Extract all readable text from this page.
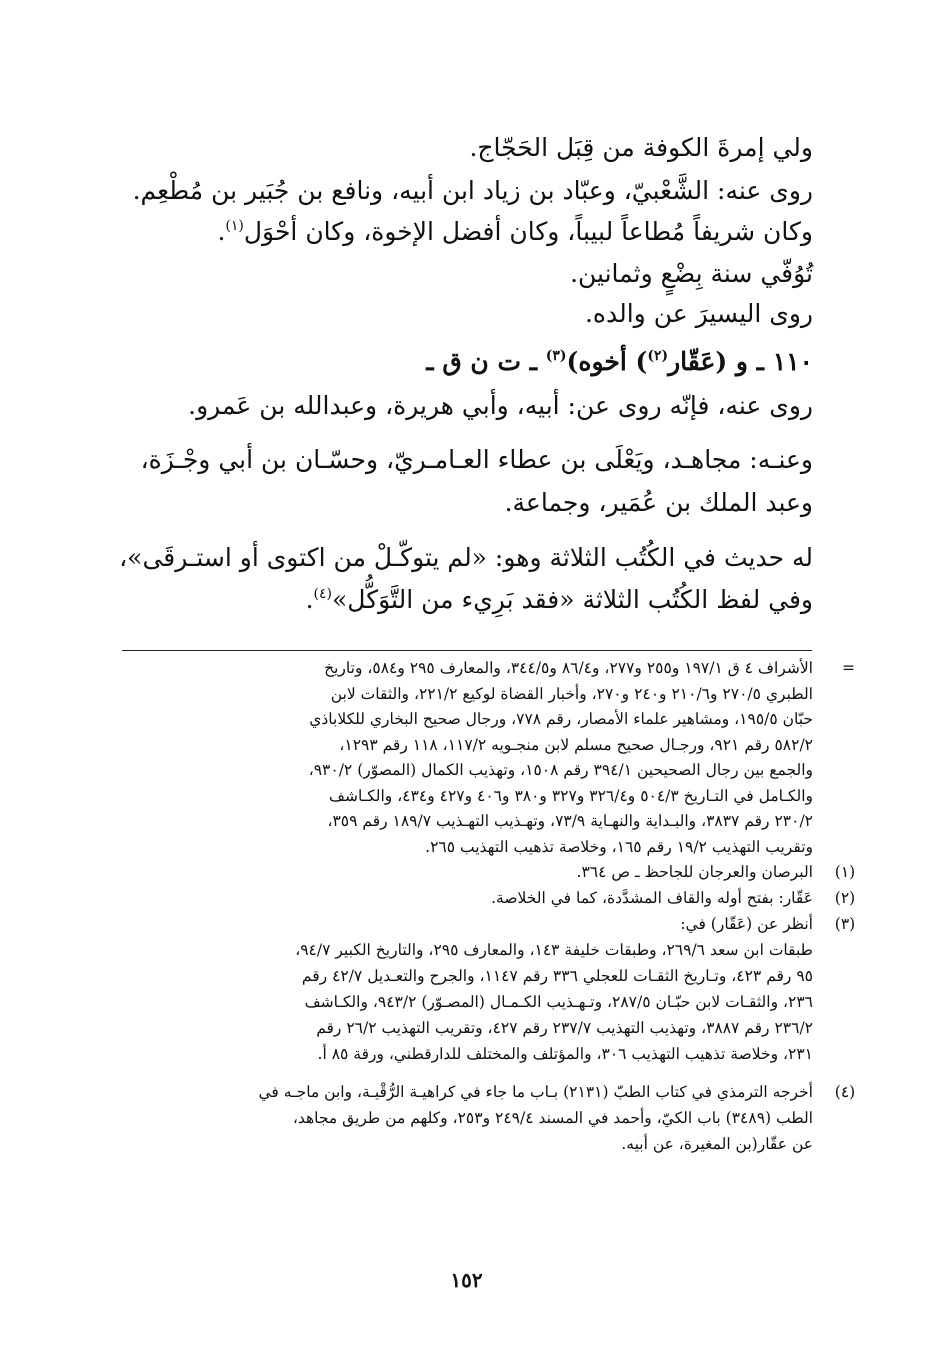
ولي إمرةَ الكوفة من قِبَل الحَجّاج.
روى عنه: الشَّعْبيّ، وعبّاد بن زياد ابن أبيه، ونافع بن جُبَير بن مُطْعِم.
وكان شريفاً مُطاعاً لبيباً، وكان أفضل الإخوة، وكان أحْوَل$^{(١)}$.
تُوُفّي سنة بِضْعٍ وثمانين.
روى اليسيرَ عن والده.
١١٠ ـ و (عَقّار$^{(٢)}$) أخوه)$^{(٣)}$ ـ ت ن ق ـ
روى عنه، فإنّه روى عن: أبيه، وأبي هريرة، وعبدالله بن عَمرو.
وعنـه: مجاهـد، ويَعْلَى بن عطاء العـامـريّ، وحسّـان بن أبي وجْـزَة،
وعبد الملك بن عُمَير، وجماعة.
له حديث في الكُتُب الثلاثة وهو: «لم يتوكّـلْ من اكتوى أو استـرقَى»،
وفي لفظ الكُتُب الثلاثة «فقد بَرِيء من التَّوَكُّل»$^{(٤)}$.
=
الأشراف ٤ ق ١٩٧/١ و٢٥٥ و٢٧٧، و٨٦/٤ و٣٤٤/٥، والمعارف ٢٩٥ و٥٨٤، وتاريخ
الطبري ٢٧٠/٥ و٢١٠/٦ و٢٤٠ و٢٧٠، وأخبار القضاة لوكيع ٢٢١/٢، والثقات لابن
حبّان ١٩٥/٥، ومشاهير علماء الأمصار، رقم ٧٧٨، ورجال صحيح البخاري للكلاباذي
٥٨٢/٢ رقم ٩٢١، ورجـال صحيح مسلم لابن منجـويه ١١٧/٢، ١١٨ رقم ١٢٩٣،
والجمع بين رجال الصحيحين ٣٩٤/١ رقم ١٥٠٨، وتهذيب الكمال (المصوّر) ٩٣٠/٢،
والكـامل في التـاريخ ٥٠٤/٣ و٣٢٦/٤ و٣٢٧ و٣٨٠ و٤٠٦ و٤٢٧ و٤٣٤، والكـاشف
٢٣٠/٢ رقم ٣٨٣٧، والبـداية والنهـاية ٧٣/٩، وتهـذيب التهـذيب ١٨٩/٧ رقم ٣٥٩،
وتقريب التهذيب ١٩/٢ رقم ١٦٥، وخلاصة تذهيب التهذيب ٢٦٥.
(١)
البرصان والعرجان للجاحظ ـ ص ٣٦٤.
(٢)
عَقّار: بفتح أوله والقاف المشدَّدة، كما في الخلاصة.
(٣)
أنظر عن (عَقّار) في:
طبقات ابن سعد ٢٦٩/٦، وطبقات خليفة ١٤٣، والمعارف ٢٩٥، والتاريخ الكبير ٩٤/٧،
٩٥ رقم ٤٢٣، وتـاريخ الثقـات للعجلي ٣٣٦ رقم ١١٤٧، والجرح والتعـديل ٤٢/٧ رقم
٢٣٦، والثقـات لابن حبّـان ٢٨٧/٥، وتـهـذيب الكـمـال (المصـوّر) ٩٤٣/٢، والكـاشف
٢٣٦/٢ رقم ٣٨٨٧، وتهذيب التهذيب ٢٣٧/٧ رقم ٤٢٧، وتقريب التهذيب ٢٦/٢ رقم
٢٣١، وخلاصة تذهيب التهذيب ٣٠٦، والمؤتلف والمختلف للدارقطني، ورقة ٨٥ أ.
(٤)
أخرجه الترمذي في كتاب الطبّ (٢١٣١) بـاب ما جاء في كراهيـة الرُّقْيـة، وابن ماجـه في
الطب (٣٤٨٩) باب الكيّ، وأحمد في المسند ٢٤٩/٤ و٢٥٣، وكلهم من طريق مجاهد،
عن عقّار(بن المغيرة، عن أبيه.
١٥٢
